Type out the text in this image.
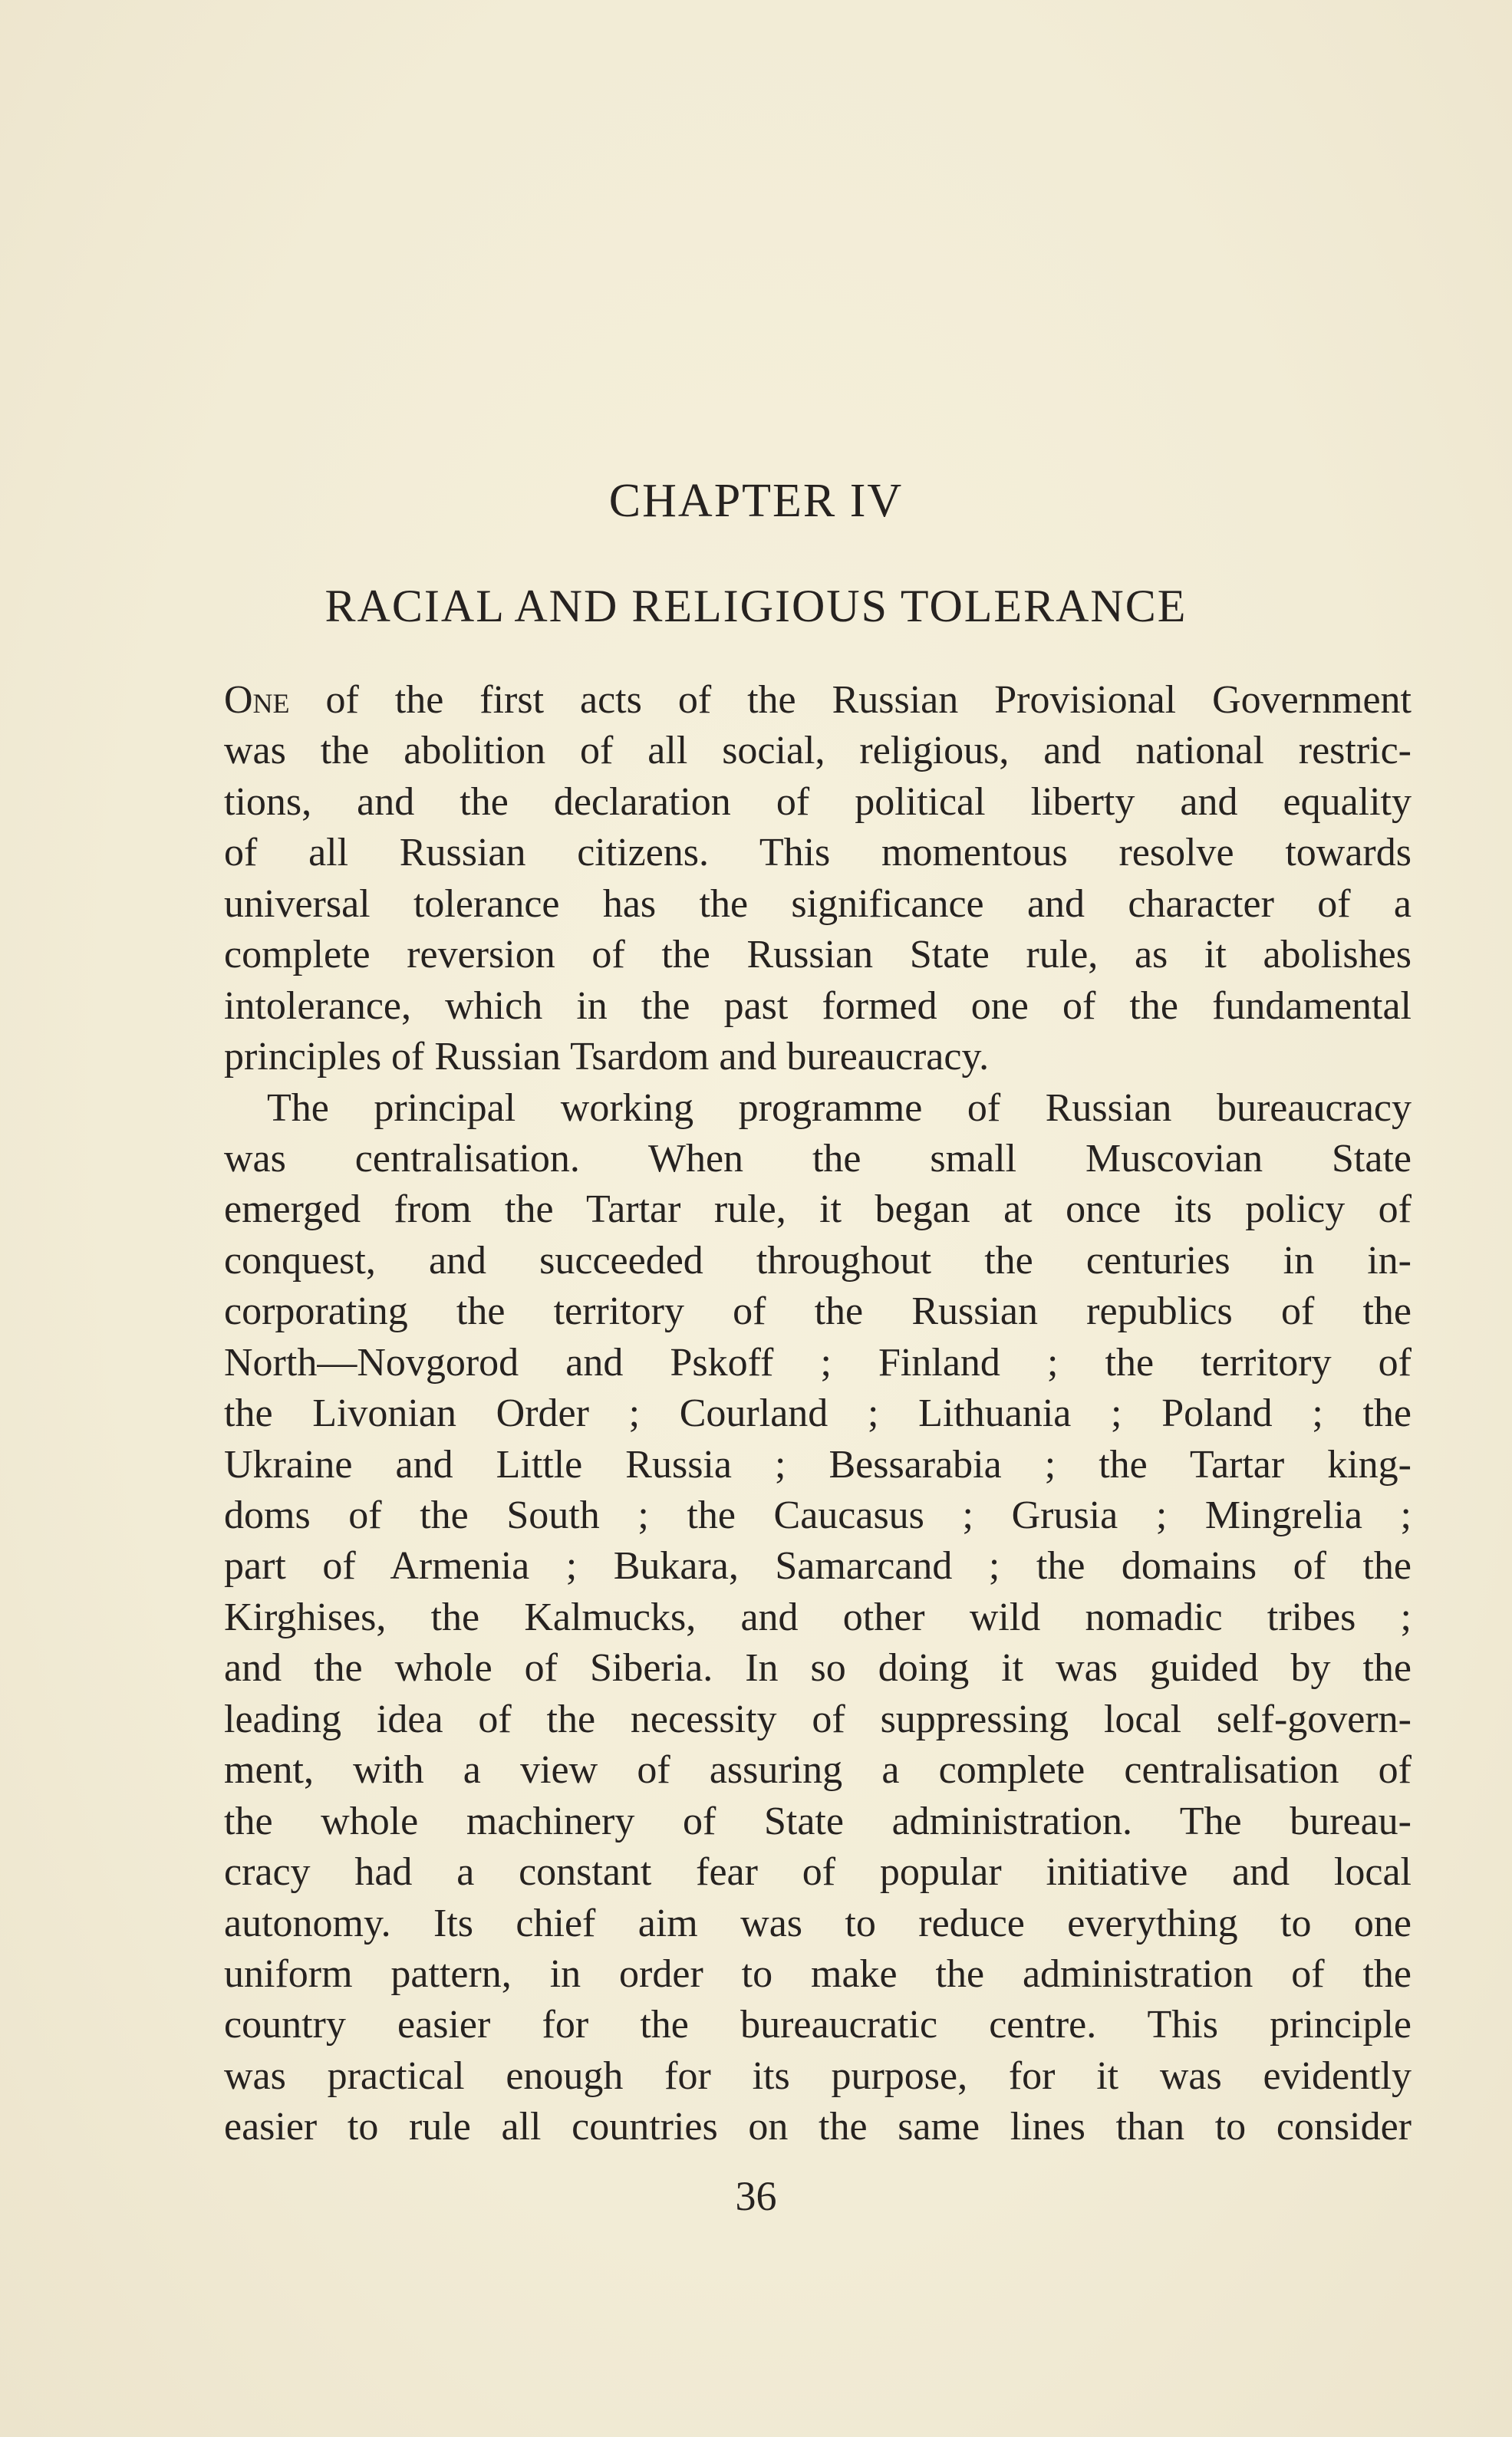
CHAPTER IV
RACIAL AND RELIGIOUS TOLERANCE
One of the first acts of the Russian Provisional Government
was the abolition of all social, religious, and national restric-
tions, and the declaration of political liberty and equality
of all Russian citizens. This momentous resolve towards
universal tolerance has the significance and character of a
complete reversion of the Russian State rule, as it abolishes
intolerance, which in the past formed one of the fundamental
principles of Russian Tsardom and bureaucracy.
The principal working programme of Russian bureaucracy
was centralisation. When the small Muscovian State
emerged from the Tartar rule, it began at once its policy of
conquest, and succeeded throughout the centuries in in-
corporating the territory of the Russian republics of the
North—Novgorod and Pskoff ; Finland ; the territory of
the Livonian Order ; Courland ; Lithuania ; Poland ; the
Ukraine and Little Russia ; Bessarabia ; the Tartar king-
doms of the South ; the Caucasus ; Grusia ; Mingrelia ;
part of Armenia ; Bukara, Samarcand ; the domains of the
Kirghises, the Kalmucks, and other wild nomadic tribes ;
and the whole of Siberia. In so doing it was guided by the
leading idea of the necessity of suppressing local self-govern-
ment, with a view of assuring a complete centralisation of
the whole machinery of State administration. The bureau-
cracy had a constant fear of popular initiative and local
autonomy. Its chief aim was to reduce everything to one
uniform pattern, in order to make the administration of the
country easier for the bureaucratic centre. This principle
was practical enough for its purpose, for it was evidently
easier to rule all countries on the same lines than to consider
36
